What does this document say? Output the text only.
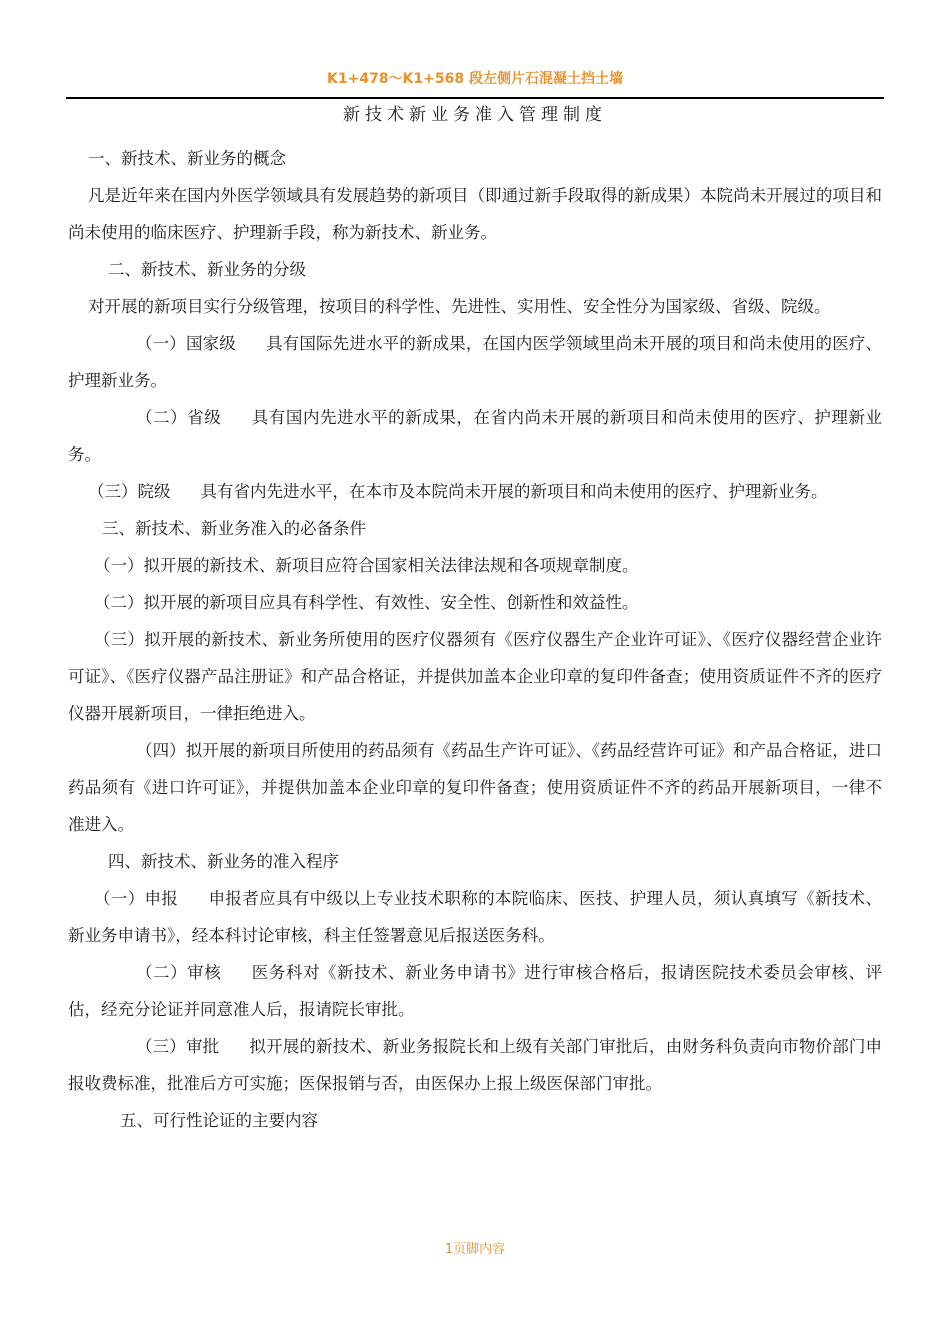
K1+478～K1+568 段左侧片石混凝土挡土墙
新技术新业务准入管理制度

一、新技术、新业务的概念

凡是近年来在国内外医学领域具有发展趋势的新项目（即通过新手段取得的新成果）本院尚未开展过的项目和尚未使用的临床医疗、护理新手段，称为新技术、新业务。

二、新技术、新业务的分级

对开展的新项目实行分级管理，按项目的科学性、先进性、实用性、安全性分为国家级、省级、院级。

（一）国家级 具有国际先进水平的新成果，在国内医学领域里尚未开展的项目和尚未使用的医疗、护理新业务。

（二）省级 具有国内先进水平的新成果，在省内尚未开展的新项目和尚未使用的医疗、护理新业务。

（三）院级 具有省内先进水平，在本市及本院尚未开展的新项目和尚未使用的医疗、护理新业务。

三、新技术、新业务准入的必备条件

（一）拟开展的新技术、新项目应符合国家相关法律法规和各项规章制度。

（二）拟开展的新项目应具有科学性、有效性、安全性、创新性和效益性。

（三）拟开展的新技术、新业务所使用的医疗仪器须有《医疗仪器生产企业许可证》、《医疗仪器经营企业许可证》、《医疗仪器产品注册证》和产品合格证，并提供加盖本企业印章的复印件备查；使用资质证件不齐的医疗仪器开展新项目，一律拒绝进入。

（四）拟开展的新项目所使用的药品须有《药品生产许可证》、《药品经营许可证》和产品合格证，进口药品须有《进口许可证》，并提供加盖本企业印章的复印件备查；使用资质证件不齐的药品开展新项目，一律不准进入。

四、新技术、新业务的准入程序

（一）申报 申报者应具有中级以上专业技术职称的本院临床、医技、护理人员，须认真填写《新技术、新业务申请书》，经本科讨论审核，科主任签署意见后报送医务科。

（二）审核 医务科对《新技术、新业务申请书》进行审核合格后，报请医院技术委员会审核、评估，经充分论证并同意准人后，报请院长审批。

（三）审批 拟开展的新技术、新业务报院长和上级有关部门审批后，由财务科负责向市物价部门申报收费标准，批准后方可实施；医保报销与否，由医保办上报上级医保部门审批。

五、可行性论证的主要内容

1页脚内容
